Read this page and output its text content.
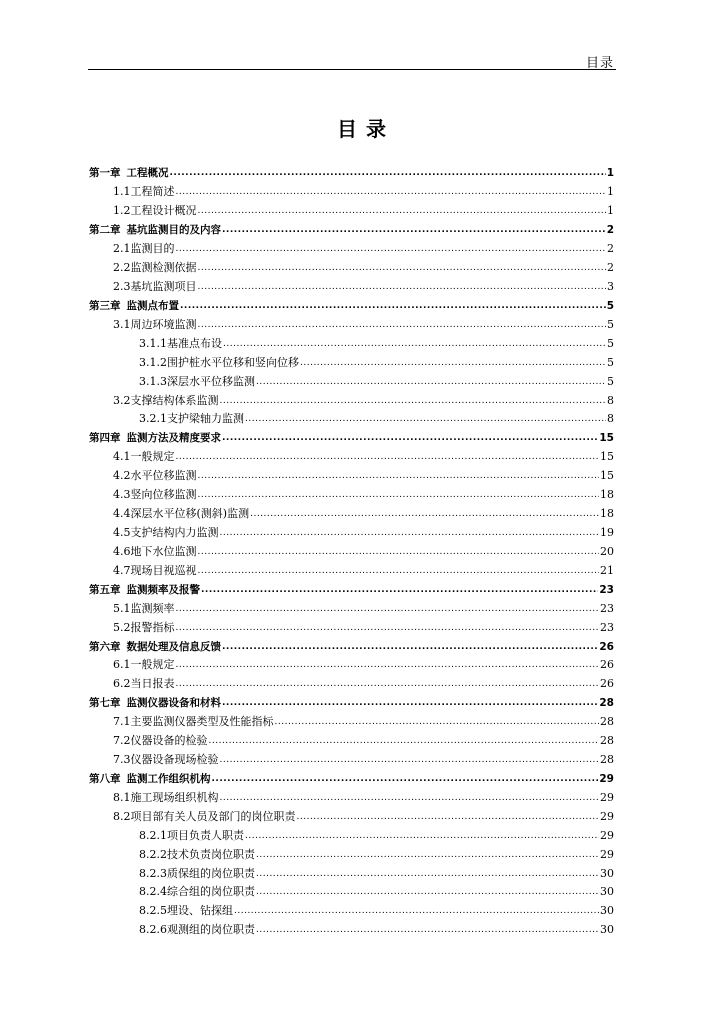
目录
目 录
第一章 工程概况 .....	1
1.1 工程简述 .....	1
1.2 工程设计概况 .....	1
第二章 基坑监测目的及内容 .....	2
2.1 监测目的 .....	2
2.2 监测检测依据 .....	2
2.3 基坑监测项目 .....	3
第三章 监测点布置 .....	5
3.1 周边环境监测 .....	5
3.1.1 基准点布设 .....	5
3.1.2 围护桩水平位移和竖向位移 .....	5
3.1.3 深层水平位移监测 .....	5
3.2 支撑结构体系监测 .....	8
3.2.1 支护梁轴力监测 .....	8
第四章 监测方法及精度要求 .....	15
4.1 一般规定 .....	15
4.2 水平位移监测 .....	15
4.3 竖向位移监测 .....	18
4.4 深层水平位移(测斜)监测 .....	18
4.5 支护结构内力监测 .....	19
4.6 地下水位监测 .....	20
4.7 现场目视巡视 .....	21
第五章 监测频率及报警 .....	23
5.1 监测频率 .....	23
5.2 报警指标 .....	23
第六章 数据处理及信息反馈 .....	26
6.1 一般规定 .....	26
6.2 当日报表 .....	26
第七章 监测仪器设备和材料 .....	28
7.1 主要监测仪器类型及性能指标 .....	28
7.2 仪器设备的检验 .....	28
7.3 仪器设备现场检验 .....	28
第八章 监测工作组织机构 .....	29
8.1 施工现场组织机构 .....	29
8.2 项目部有关人员及部门的岗位职责 .....	29
8.2.1 项目负责人职责 .....	29
8.2.2 技术负责岗位职责 .....	29
8.2.3 质保组的岗位职责 .....	30
8.2.4 综合组的岗位职责 .....	30
8.2.5 埋设、钻探组 .....	30
8.2.6 观测组的岗位职责 .....	30
